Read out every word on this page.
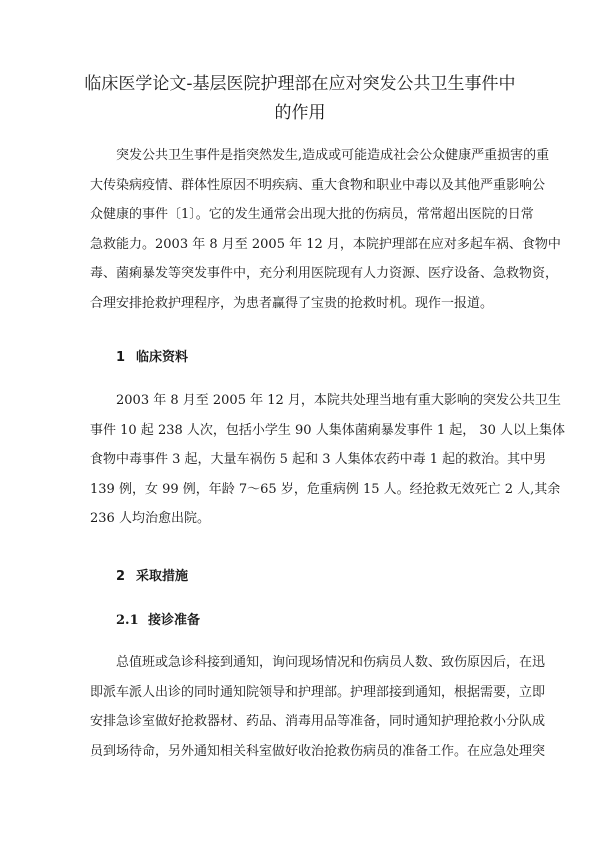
临床医学论文-基层医院护理部在应对突发公共卫生事件中
的作用

突发公共卫生事件是指突然发生,造成或可能造成社会公众健康严重损害的重
大传染病疫情、群体性原因不明疾病、重大食物和职业中毒以及其他严重影响公
众健康的事件〔1〕。它的发生通常会出现大批的伤病员，常常超出医院的日常
急救能力。2003 年 8 月至 2005 年 12 月，本院护理部在应对多起车祸、食物中
毒、菌痢暴发等突发事件中，充分利用医院现有人力资源、医疗设备、急救物资，
合理安排抢救护理程序，为患者赢得了宝贵的抢救时机。现作一报道。

1 临床资料

2003 年 8 月至 2005 年 12 月，本院共处理当地有重大影响的突发公共卫生
事件 10 起 238 人次，包括小学生 90 人集体菌痢暴发事件 1 起， 30 人以上集体
食物中毒事件 3 起，大量车祸伤 5 起和 3 人集体农药中毒 1 起的救治。其中男
139 例，女 99 例，年龄 7～65 岁，危重病例 15 人。经抢救无效死亡 2 人,其余
236 人均治愈出院。

2 采取措施
2.1 接诊准备

总值班或急诊科接到通知，询问现场情况和伤病员人数、致伤原因后，在迅
即派车派人出诊的同时通知院领导和护理部。护理部接到通知，根据需要，立即
安排急诊室做好抢救器材、药品、消毒用品等准备，同时通知护理抢救小分队成
员到场待命，另外通知相关科室做好收治抢救伤病员的准备工作。在应急处理突
